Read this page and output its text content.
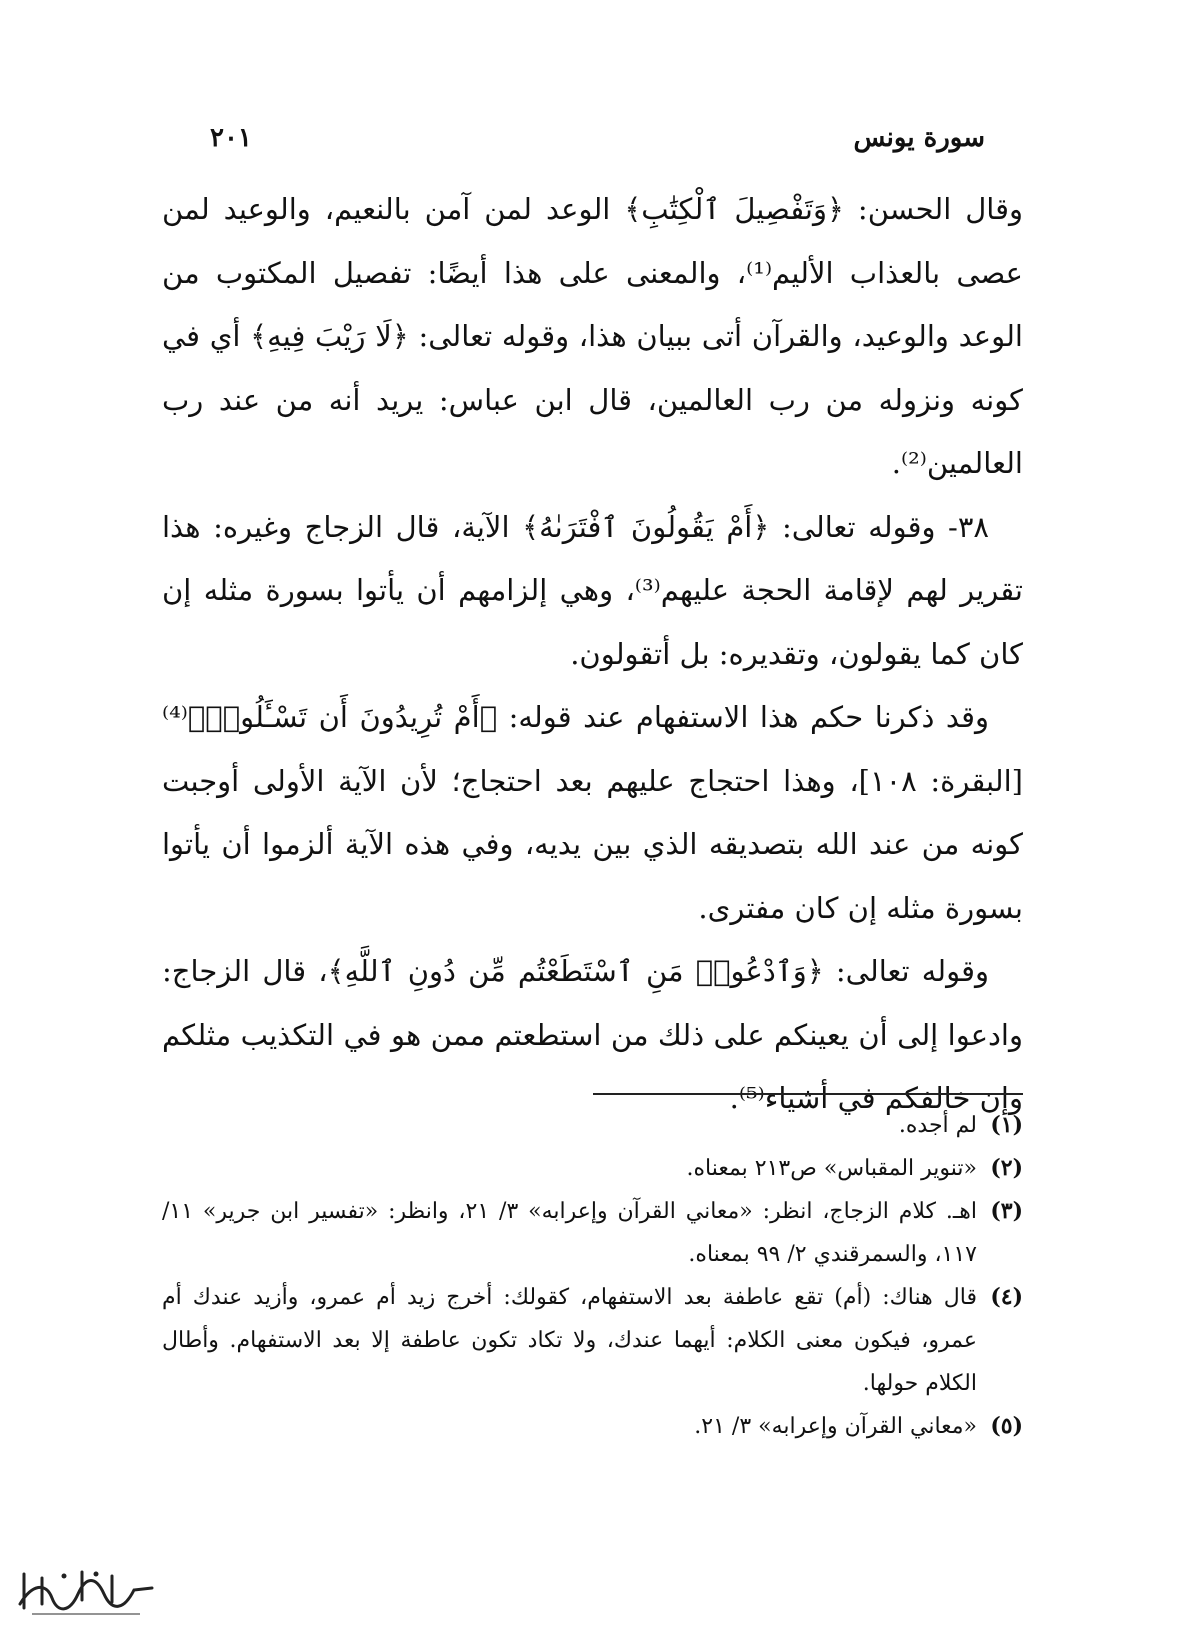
سورة يونس
٢٠١

وقال الحسن: ﴿وَتَفْصِيلَ ٱلْكِتَٰبِ﴾ الوعد لمن آمن بالنعيم، والوعيد لمن عصى بالعذاب الأليم⁽¹⁾، والمعنى على هذا أيضًا: تفصيل المكتوب من الوعد والوعيد، والقرآن أتى ببيان هذا، وقوله تعالى: ﴿لَا رَيْبَ فِيهِ﴾ أي في كونه ونزوله من رب العالمين، قال ابن عباس: يريد أنه من عند رب العالمين⁽²⁾.

٣٨- وقوله تعالى: ﴿أَمْ يَقُولُونَ ٱفْتَرَىٰهُ﴾ الآية، قال الزجاج وغيره: هذا تقرير لهم لإقامة الحجة عليهم⁽³⁾، وهي إلزامهم أن يأتوا بسورة مثله إن كان كما يقولون، وتقديره: بل أتقولون.

وقد ذكرنا حكم هذا الاستفهام عند قوله: ﴿أَمْ تُرِيدُونَ أَن تَسْـَٔلُوا۟﴾⁽⁴⁾ [البقرة: ١٠٨]، وهذا احتجاج عليهم بعد احتجاج؛ لأن الآية الأولى أوجبت كونه من عند الله بتصديقه الذي بين يديه، وفي هذه الآية ألزموا أن يأتوا بسورة مثله إن كان مفترى.

وقوله تعالى: ﴿وَٱدْعُوا۟ مَنِ ٱسْتَطَعْتُم مِّن دُونِ ٱللَّهِ﴾، قال الزجاج: وادعوا إلى أن يعينكم على ذلك من استطعتم ممن هو في التكذيب مثلكم وإن خالفكم في أشياء⁽⁵⁾.

(١)
لم أجده.
(٢)
«تنوير المقباس» ص٢١٣ بمعناه.
(٣)
اهـ. كلام الزجاج، انظر: «معاني القرآن وإعرابه» ٣/ ٢١، وانظر: «تفسير ابن جرير» ١١/ ١١٧، والسمرقندي ٢/ ٩٩ بمعناه.
(٤)
قال هناك: (أم) تقع عاطفة بعد الاستفهام، كقولك: أخرج زيد أم عمرو، وأزيد عندك أم عمرو، فيكون معنى الكلام: أيهما عندك، ولا تكاد تكون عاطفة إلا بعد الاستفهام. وأطال الكلام حولها.
(٥)
«معاني القرآن وإعرابه» ٣/ ٢١.
